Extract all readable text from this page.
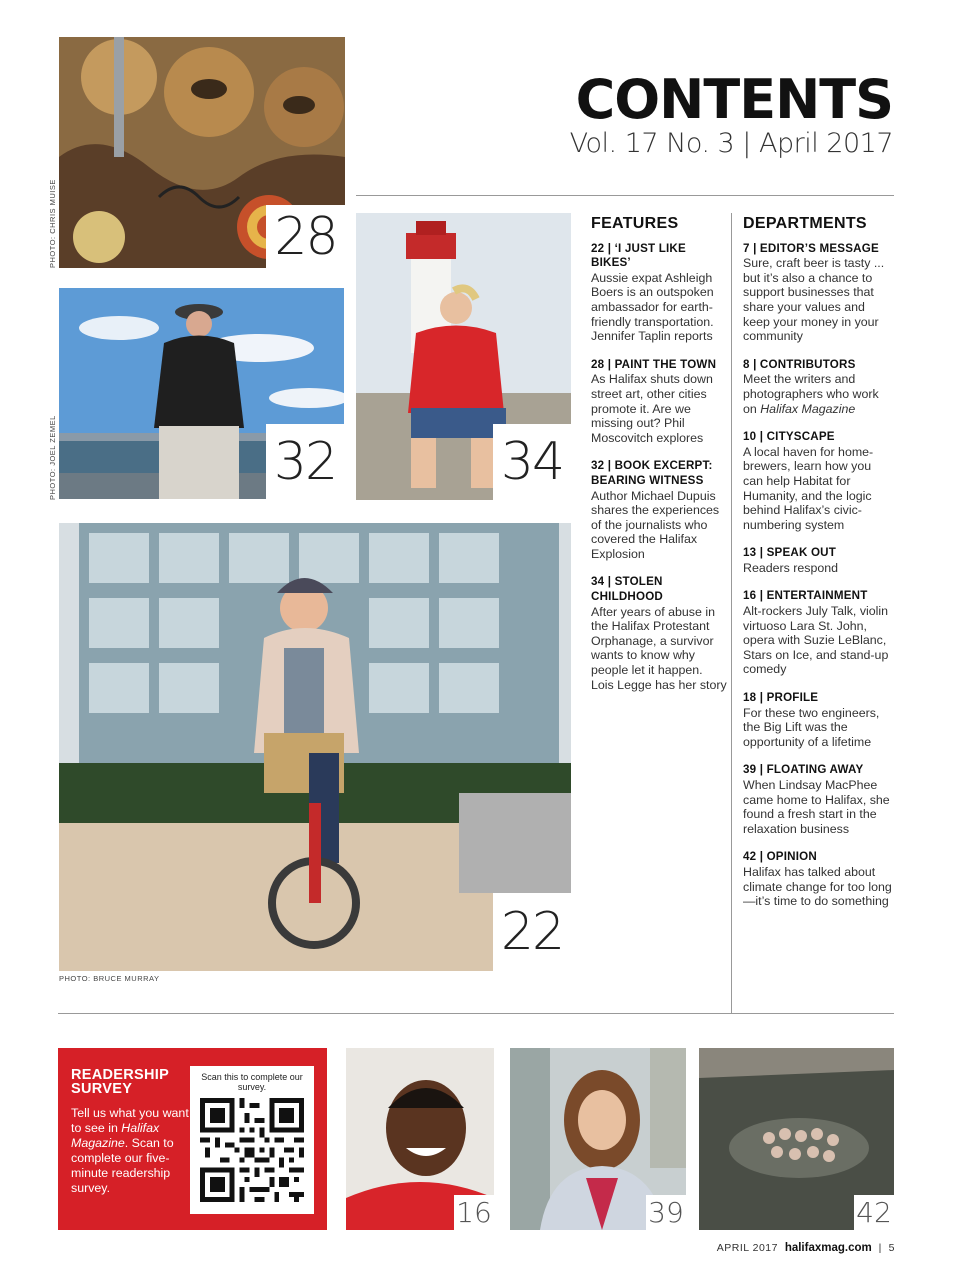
CONTENTS
Vol. 17 No. 3 | April 2017
28
PHOTO: CHRIS MUISE
32
PHOTO: JOEL ZEMEL	34
22
PHOTO: BRUCE MURRAY
FEATURES
22 | ‘I JUST LIKE BIKES’
Aussie expat Ashleigh Boers is an outspoken ambassador for earth-friendly transportation. Jennifer Taplin reports
28 | PAINT THE TOWN
As Halifax shuts down street art, other cities promote it. Are we missing out? Phil Moscovitch explores
32 | BOOK EXCERPT: BEARING WITNESS
Author Michael Dupuis shares the experiences of the journalists who covered the Halifax Explosion
34 | STOLEN CHILDHOOD
After years of abuse in the Halifax Protestant Orphanage, a survivor wants to know why people let it happen. Lois Legge has her story
DEPARTMENTS
7 | EDITOR’S MESSAGE
Sure, craft beer is tasty ... but it’s also a chance to support businesses that share your values and keep your money in your community
8 | CONTRIBUTORS
Meet the writers and photographers who work on Halifax Magazine
10 | CITYSCAPE
A local haven for home-brewers, learn how you can help Habitat for Humanity, and the logic behind Halifax’s civic-numbering system
13 | SPEAK OUT
Readers respond
16 | ENTERTAINMENT
Alt-rockers July Talk, violin virtuoso Lara St. John, opera with Suzie LeBlanc, Stars on Ice, and stand-up comedy
18 | PROFILE
For these two engineers, the Big Lift was the opportunity of a lifetime
39 | FLOATING AWAY
When Lindsay MacPhee came home to Halifax, she found a fresh start in the relaxation business
42 | OPINION
Halifax has talked about climate change for too long—it’s time to do something
READERSHIP
SURVEY
Tell us what you want to see in Halifax Magazine. Scan to complete our five-minute readership survey.
Scan this to complete our survey.
16	39	42
APRIL 2017 halifaxmag.com | 5
